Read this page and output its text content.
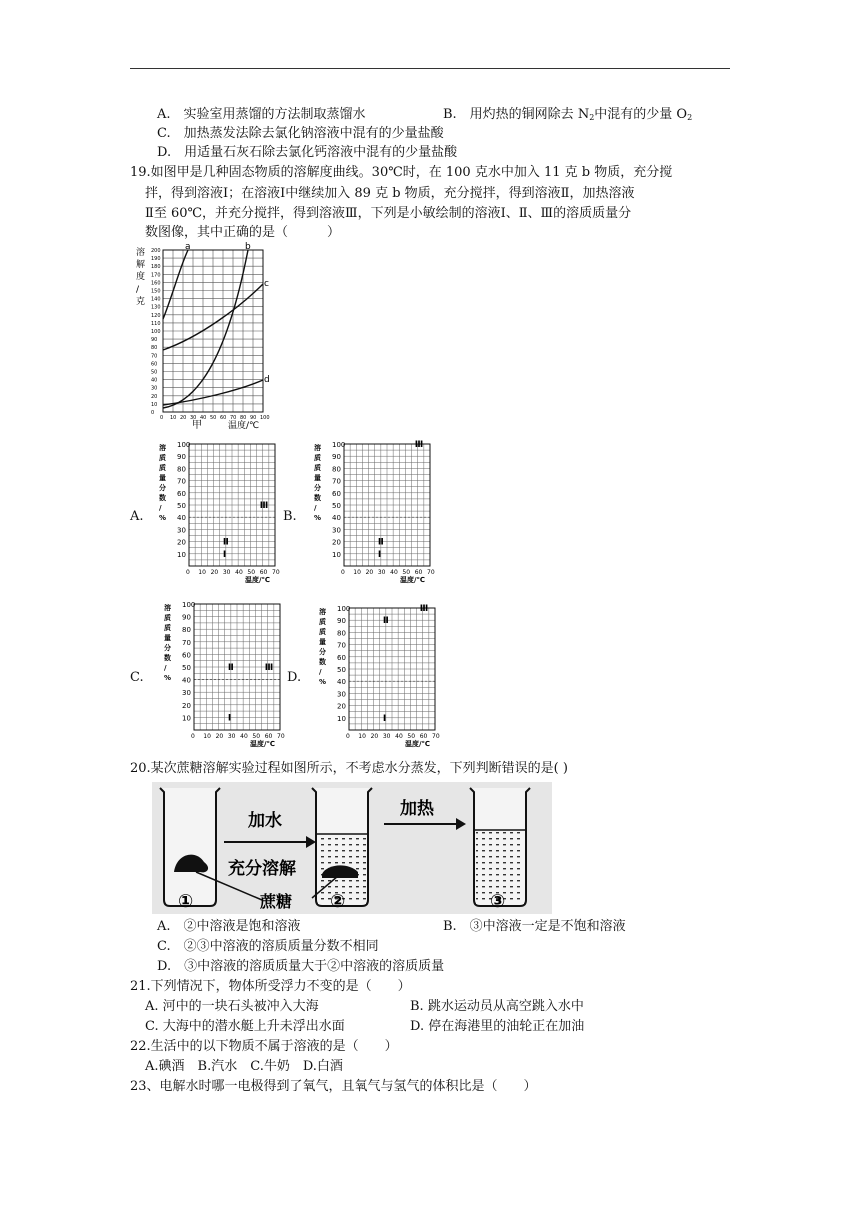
A.　实验室用蒸馏的方法制取蒸馏水	B.　用灼热的铜网除去 $N_2$中混有的少量 $O_2$
C.　加热蒸发法除去氯化钠溶液中混有的少量盐酸
D.　用适量石灰石除去氯化钙溶液中混有的少量盐酸
19.如图甲是几种固态物质的溶解度曲线。30℃时，在 100 克水中加入 11 克 b 物质，充分搅
拌，得到溶液Ⅰ；在溶液Ⅰ中继续加入 89 克 b 物质，充分搅拌，得到溶液Ⅱ，加热溶液
Ⅱ至 60℃，并充分搅拌，得到溶液Ⅲ，下列是小敏绘制的溶液Ⅰ、Ⅱ、Ⅲ的溶质质量分
数图像，其中正确的是（　　　）
0 10 20 30 40 50 60 70 80 90 100
0
10
20
30
40
50
60
70
80
90
100
110
120
130
140
150
160
170
180
190
200
溶
解
度
/
克
a	b
c
d
甲	温度/℃
A.	B.
C.	D.
10
20
30
40
50
60
70
80
90
100
0 10 20 30 40 50 60 70
溶
质
质
量
分
数
/
%
温度/℃
Ⅰ
Ⅱ
Ⅲ
10
20
30
40
50
60
70
80
90
100
0 10 20 30 40 50 60 70
溶
质
质
量
分
数
/
%
温度/℃
Ⅰ
Ⅱ
Ⅲ
10
20
30
40
50
60
70
80
90
100
0 10 20 30 40 50 60 70
溶
质
质
量
分
数
/
%
温度/℃
Ⅰ
Ⅱ	Ⅲ
10
20
30
40
50
60
70
80
90
100
0 10 20 30 40 50 60 70
溶
质
质
量
分
数
/
%
温度/℃
Ⅰ
Ⅱ
Ⅲ
20.某次蔗糖溶解实验过程如图所示，不考虑水分蒸发，下列判断错误的是( )
加水
充分溶解
加热
蔗糖
①	②	③
A.　②中溶液是饱和溶液	B.　③中溶液一定是不饱和溶液
C.　②③中溶液的溶质质量分数不相同
D.　③中溶液的溶质质量大于②中溶液的溶质质量
21.下列情况下，物体所受浮力不变的是（　　）
A. 河中的一块石头被冲入大海	B. 跳水运动员从高空跳入水中
C. 大海中的潜水艇上升未浮出水面	D. 停在海港里的油轮正在加油
22.生活中的以下物质不属于溶液的是（　　）
A.碘酒　B.汽水　C.牛奶　D.白酒
23、电解水时哪一电极得到了氧气，且氧气与氢气的体积比是（　　）
